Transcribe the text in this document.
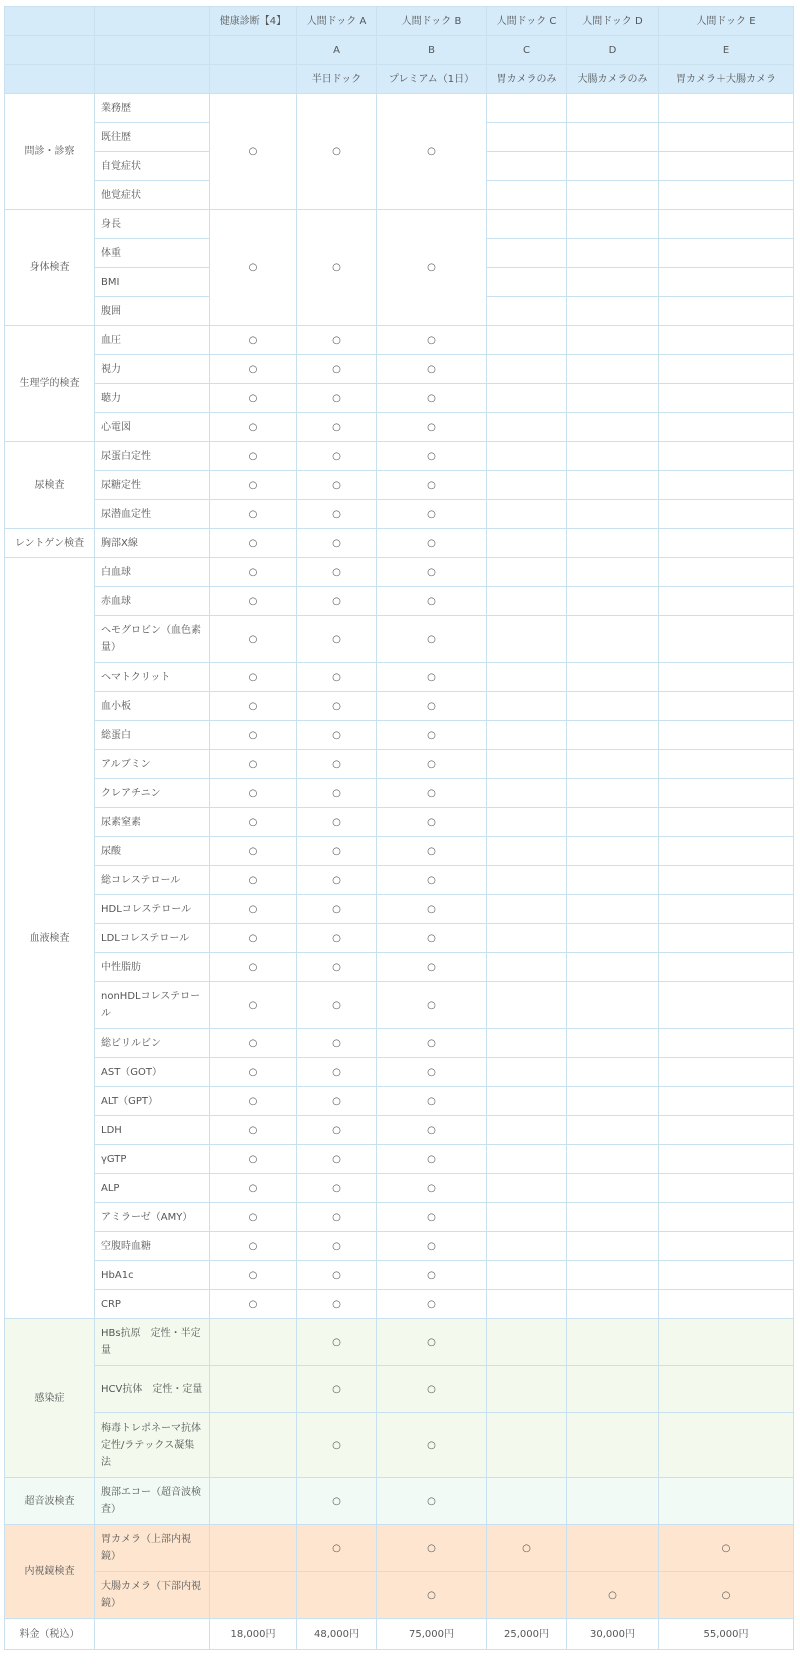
		健康診断【4】	人間ドック A	人間ドック B	人間ドック C	人間ドック D	人間ドック E
			A	B	C	D	E
			半日ドック	プレミアム（1日）	胃カメラのみ	大腸カメラのみ	胃カメラ＋大腸カメラ
問診・診察	業務歴	○	○	○			
	既往歴						
	自覚症状						
	他覚症状						
身体検査	身長	○	○	○			
	体重						
	BMI						
	腹囲						
生理学的検査	血圧	○	○	○			
	視力	○	○	○			
	聴力	○	○	○			
	心電図	○	○	○			
尿検査	尿蛋白定性	○	○	○			
	尿糖定性	○	○	○			
	尿潜血定性	○	○	○			
レントゲン検査	胸部X線	○	○	○			
血液検査	白血球	○	○	○			
	赤血球	○	○	○			
	ヘモグロビン（血色素量）	○	○	○			
	ヘマトクリット	○	○	○			
	血小板	○	○	○			
	総蛋白	○	○	○			
	アルブミン	○	○	○			
	クレアチニン	○	○	○			
	尿素窒素	○	○	○			
	尿酸	○	○	○			
	総コレステロール	○	○	○			
	HDLコレステロール	○	○	○			
	LDLコレステロール	○	○	○			
	中性脂肪	○	○	○			
	nonHDLコレステロール	○	○	○			
	総ビリルビン	○	○	○			
	AST（GOT）	○	○	○			
	ALT（GPT）	○	○	○			
	LDH	○	○	○			
	γGTP	○	○	○			
	ALP	○	○	○			
	アミラーゼ（AMY）	○	○	○			
	空腹時血糖	○	○	○			
	HbA1c	○	○	○			
	CRP	○	○	○			
感染症	HBs抗原　定性・半定量		○	○			
	HCV抗体　定性・定量		○	○			
	梅毒トレポネーマ抗体定性/ラテックス凝集法		○	○			
超音波検査	腹部エコー（超音波検査）		○	○			
内視鏡検査	胃カメラ（上部内視鏡）		○	○	○		○
	大腸カメラ（下部内視鏡）			○		○	○
料金（税込）		18,000円	48,000円	75,000円	25,000円	30,000円	55,000円
